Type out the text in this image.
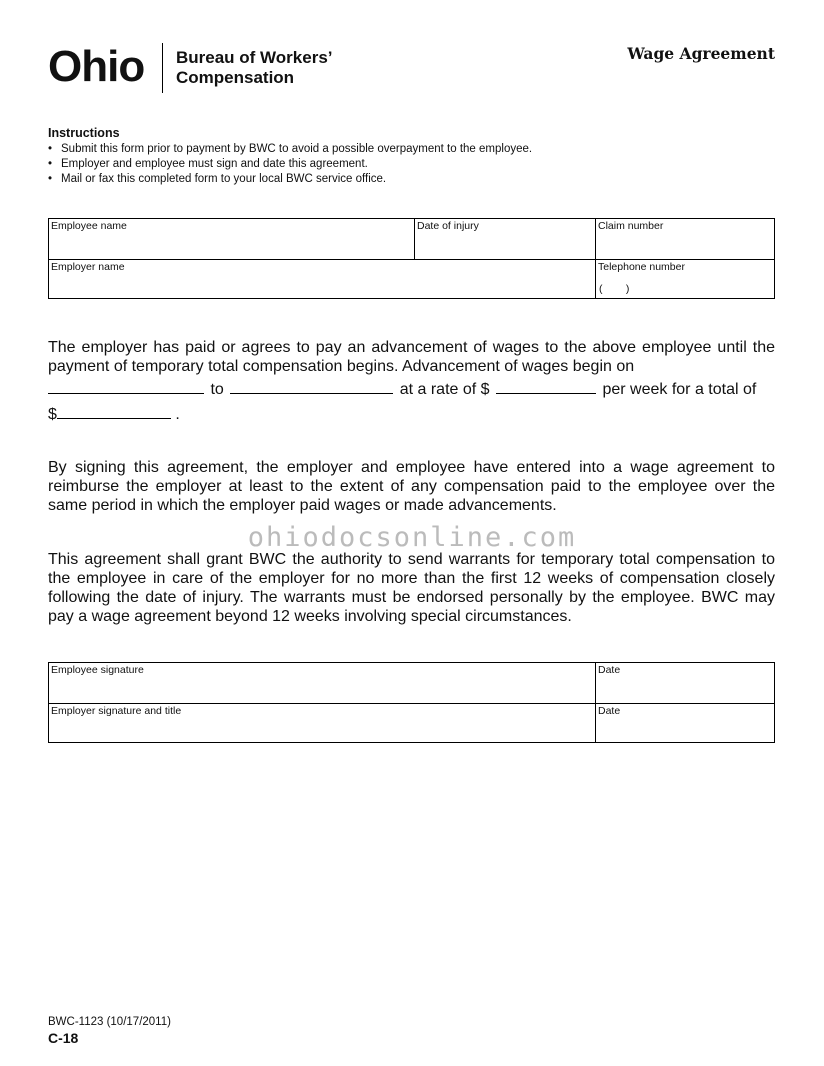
Ohio Bureau of Workers’
Compensation
Wage Agreement
Instructions
• Submit this form prior to payment by BWC to avoid a possible overpayment to the employee.
• Employer and employee must sign and date this agreement.
• Mail or fax this completed form to your local BWC service office.
Employee name	Date of injury	Claim number
Employer name	Telephone number
(        )
The employer has paid or agrees to pay an advancement of wages to the above employee until the payment of temporary total compensation begins. Advancement of wages begin on
to	at a rate of $	per week for a total of
$	.

By signing this agreement, the employer and employee have entered into a wage agreement to reimburse the employer at least to the extent of any compensation paid to the employee over the same period in which the employer paid wages or made advancements.

ohiodocsonline.com

This agreement shall grant BWC the authority to send warrants for temporary total compensation to the employee in care of the employer for no more than the first 12 weeks of compensation closely following the date of injury. The warrants must be endorsed personally by the employee. BWC may pay a wage agreement beyond 12 weeks involving special circumstances.

Employee signature	Date
Employer signature and title	Date
BWC-1123 (10/17/2011)
C-18
